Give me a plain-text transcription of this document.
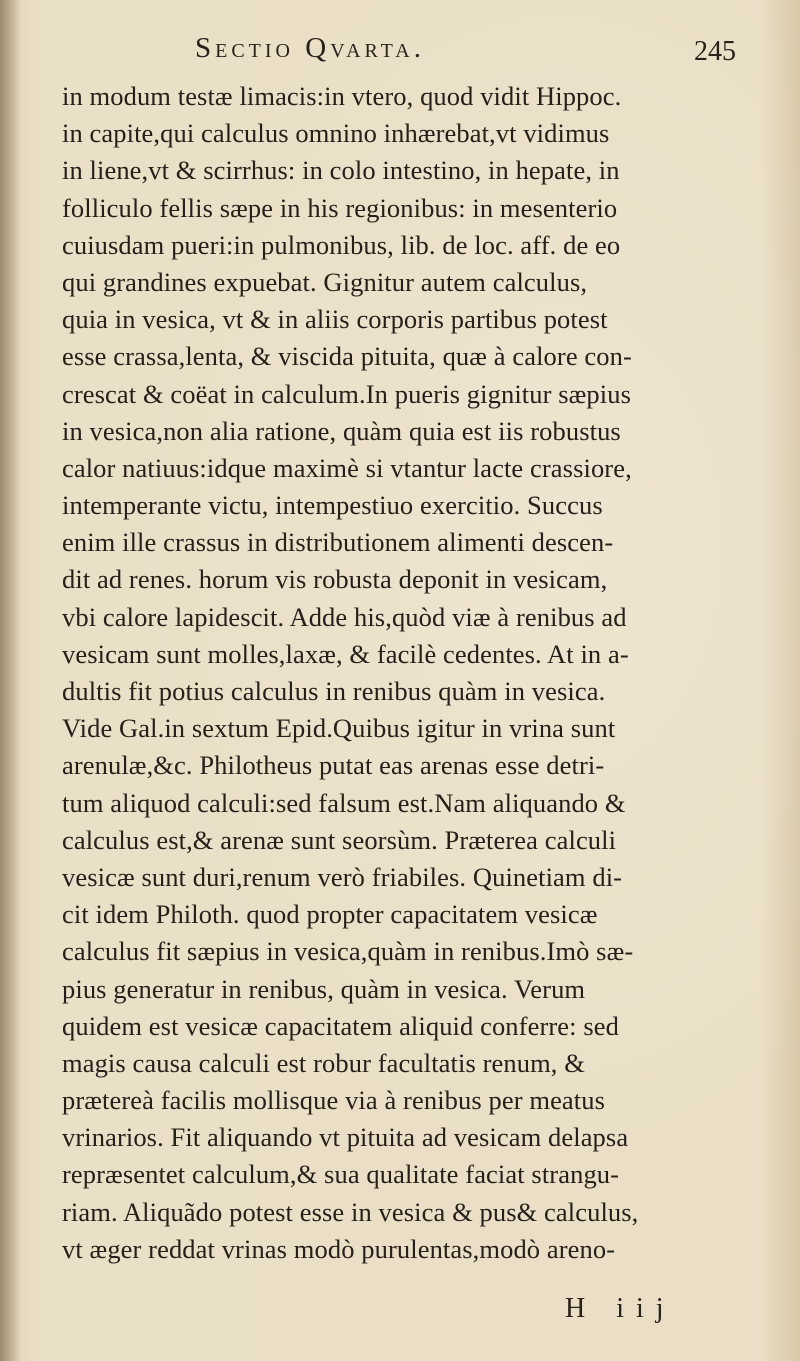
Sectio Qvarta.	245
in modum testæ limacis:in vtero, quod vidit Hippoc.
in capite,qui calculus omnino inhærebat,vt vidimus
in liene,vt & scirrhus: in colo intestino, in hepate, in
folliculo fellis sæpe in his regionibus: in mesenterio
cuiusdam pueri:in pulmonibus, lib. de loc. aff. de eo
qui grandines expuebat. Gignitur autem calculus,
quia in vesica, vt & in aliis corporis partibus potest
esse crassa,lenta, & viscida pituita, quæ à calore con-
crescat & coëat in calculum.In pueris gignitur sæpius
in vesica,non alia ratione, quàm quia est iis robustus
calor natiuus:idque maximè si vtantur lacte crassiore,
intemperante victu, intempestiuo exercitio. Succus
enim ille crassus in distributionem alimenti descen-
dit ad renes. horum vis robusta deponit in vesicam,
vbi calore lapidescit. Adde his,quòd viæ à renibus ad
vesicam sunt molles,laxæ, & facilè cedentes. At in a-
dultis fit potius calculus in renibus quàm in vesica.
Vide Gal.in sextum Epid.Quibus igitur in vrina sunt
arenulæ,&c. Philotheus putat eas arenas esse detri-
tum aliquod calculi:sed falsum est.Nam aliquando &
calculus est,& arenæ sunt seorsùm. Præterea calculi
vesicæ sunt duri,renum verò friabiles. Quinetiam di-
cit idem Philoth. quod propter capacitatem vesicæ
calculus fit sæpius in vesica,quàm in renibus.Imò sæ-
pius generatur in renibus, quàm in vesica. Verum
quidem est vesicæ capacitatem aliquid conferre: sed
magis causa calculi est robur facultatis renum, &
prætereà facilis mollisque via à renibus per meatus
vrinarios. Fit aliquando vt pituita ad vesicam delapsa
repræsentet calculum,& sua qualitate faciat strangu-
riam. Aliquãdo potest esse in vesica & pus& calculus,
vt æger reddat vrinas modò purulentas,modò areno-
H iij
